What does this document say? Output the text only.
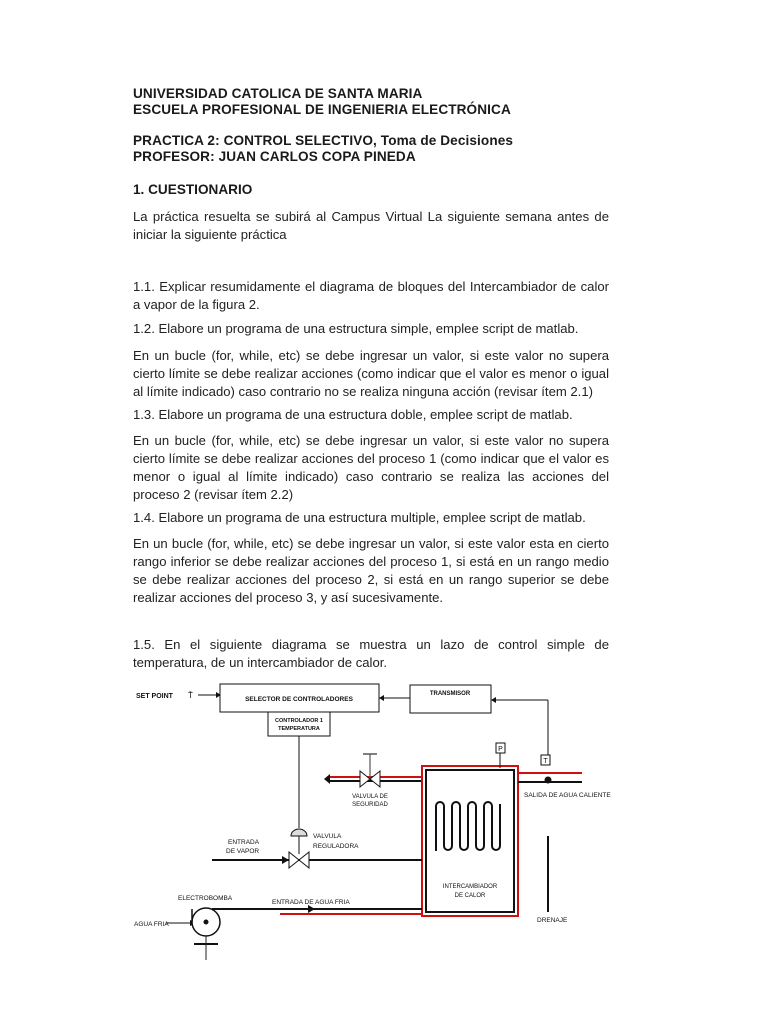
UNIVERSIDAD CATOLICA DE SANTA MARIA
ESCUELA PROFESIONAL DE INGENIERIA ELECTRÓNICA
PRACTICA 2: CONTROL SELECTIVO, Toma de Decisiones
PROFESOR: JUAN CARLOS COPA PINEDA
1. CUESTIONARIO
La práctica resuelta se subirá al Campus Virtual La siguiente semana antes de iniciar la siguiente práctica
1.1. Explicar resumidamente el diagrama de bloques del Intercambiador de calor a vapor de la figura 2.
1.2. Elabore un programa de una estructura simple, emplee script de matlab.
En un bucle (for, while, etc) se debe ingresar un valor, si este valor no supera cierto límite se debe realizar acciones (como indicar que el valor es menor o igual al límite indicado) caso contrario no se realiza ninguna acción (revisar ítem 2.1)
1.3. Elabore un programa de una estructura doble, emplee script de matlab.
En un bucle (for, while, etc) se debe ingresar un valor, si este valor no supera cierto límite se debe realizar acciones del proceso 1 (como indicar que el valor es menor o igual al límite indicado) caso contrario se realiza las acciones del proceso 2 (revisar ítem 2.2)
1.4. Elabore un programa de una estructura multiple, emplee script de matlab.
En un bucle (for, while, etc) se debe ingresar un valor, si este valor esta en cierto rango inferior se debe realizar acciones del proceso 1, si está en un rango medio se debe realizar acciones del proceso 2, si está en un rango superior se debe realizar acciones del proceso 3, y así sucesivamente.
1.5. En el siguiente diagrama se muestra un lazo de control simple de temperatura, de un intercambiador de calor.
SET POINT T̄	SELECTOR DE CONTROLADORES
CONTROLADOR 1
TEMPERATURA
TRANSMISOR
VALVULA DE
SEGURIDAD
INTERCAMBIADOR
DE CALOR
P
T
SALIDA DE AGUA CALIENTE
ENTRADA
DE VAPOR
VALVULA
REGULADORA
DRENAJE
ENTRADA DE AGUA FRIA
ELECTROBOMBA
AGUA FRIA
